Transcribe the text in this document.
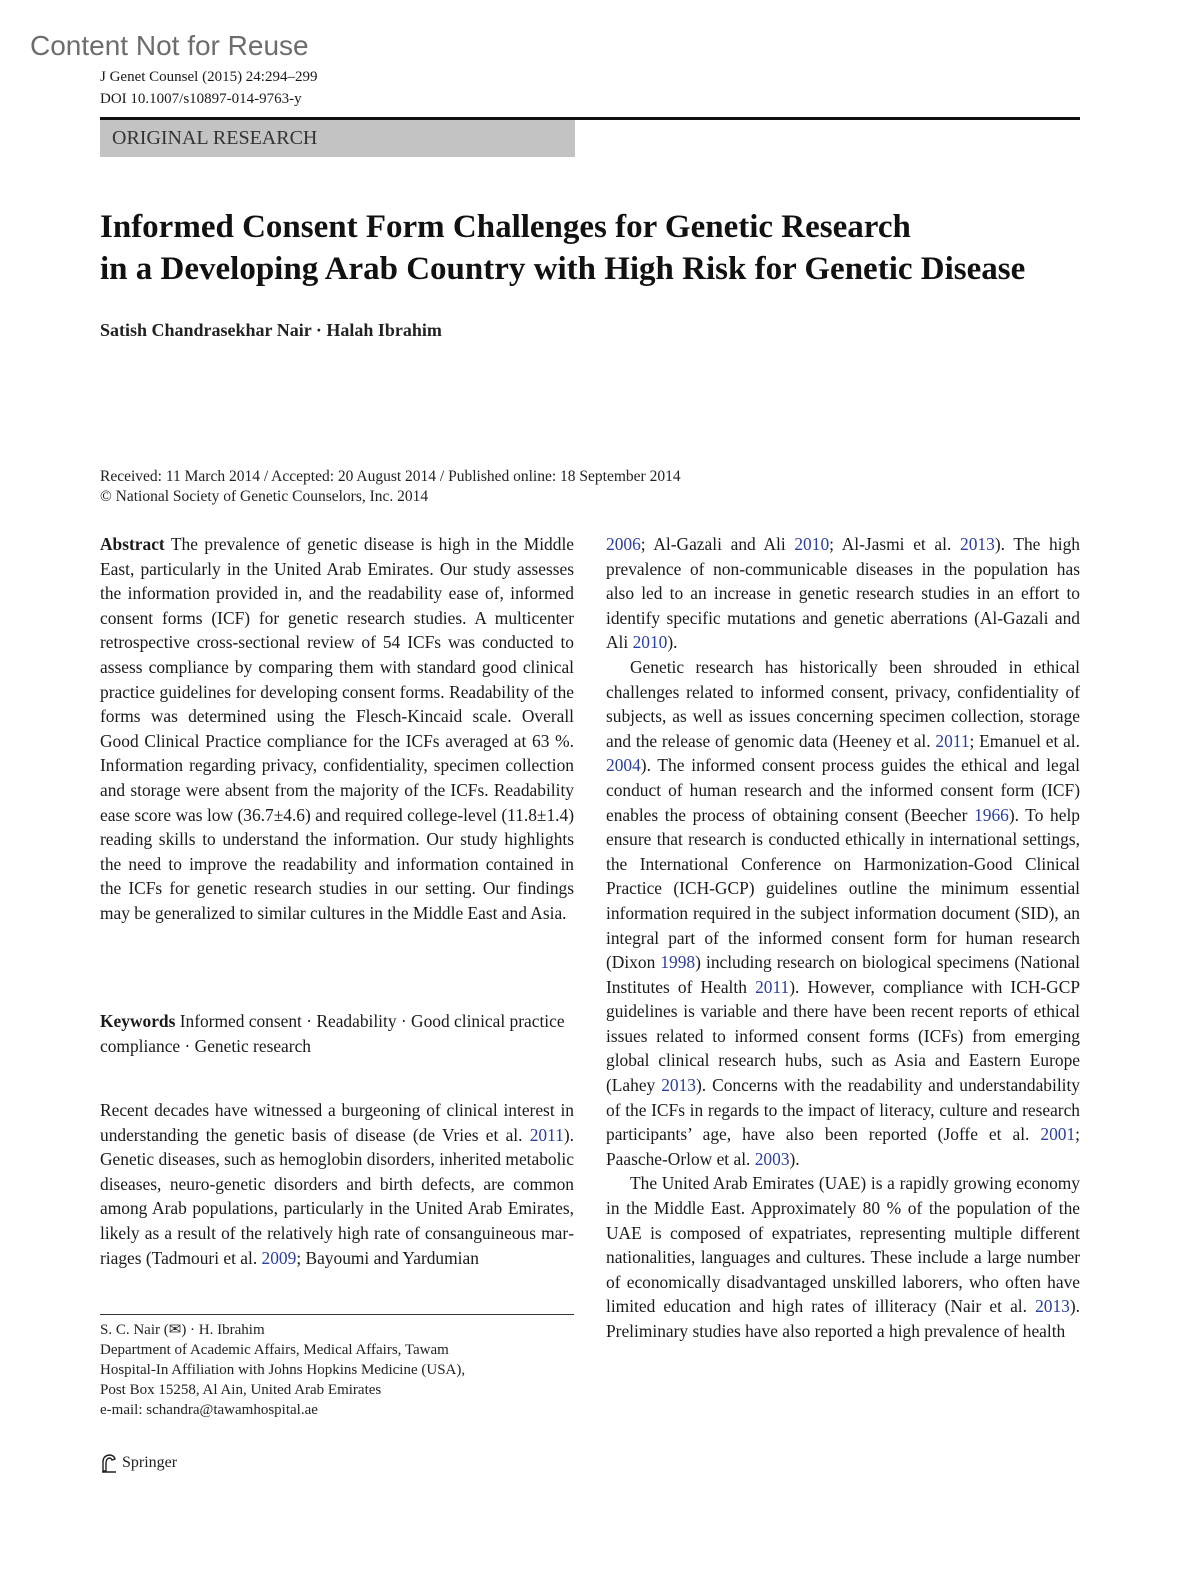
Content Not for Reuse
J Genet Counsel (2015) 24:294–299
DOI 10.1007/s10897-014-9763-y
ORIGINAL RESEARCH
Informed Consent Form Challenges for Genetic Research
in a Developing Arab Country with High Risk for Genetic Disease
Satish Chandrasekhar Nair · Halah Ibrahim
Received: 11 March 2014 / Accepted: 20 August 2014 / Published online: 18 September 2014
© National Society of Genetic Counselors, Inc. 2014

Abstract The prevalence of genetic disease is high in the Middle East, particularly in the United Arab Emirates. Our study assesses the information provided in, and the readability ease of, informed consent forms (ICF) for genetic research studies. A multicenter retrospective cross-sectional review of 54 ICFs was conducted to assess compliance by comparing them with standard good clinical practice guidelines for developing consent forms. Readability of the forms was determined using the Flesch-Kincaid scale. Overall Good Clinical Practice compliance for the ICFs averaged at 63 %. Information regarding privacy, confidentiality, specimen collection and storage were absent from the majority of the ICFs. Readability ease score was low (36.7±4.6) and required college-level (11.8±1.4) reading skills to understand the information. Our study highlights the need to improve the readability and information contained in the ICFs for genetic research studies in our setting. Our findings may be generalized to similar cultures in the Middle East and Asia.

Keywords Informed consent · Readability · Good clinical practice compliance · Genetic research

Recent decades have witnessed a burgeoning of clinical interest in understanding the genetic basis of disease (de Vries et al. 2011). Genetic diseases, such as hemoglobin disorders, inherited metabolic diseases, neuro-genetic disorders and birth defects, are common among Arab populations, particularly in the United Arab Emirates, likely as a result of the relatively high rate of consanguineous marriages (Tadmouri et al. 2009; Bayoumi and Yardumian

S. C. Nair (✉) · H. Ibrahim
Department of Academic Affairs, Medical Affairs, Tawam
Hospital-In Affiliation with Johns Hopkins Medicine (USA),
Post Box 15258, Al Ain, United Arab Emirates
e-mail: schandra@tawamhospital.ae
Springer

2006; Al-Gazali and Ali 2010; Al-Jasmi et al. 2013). The high prevalence of non-communicable diseases in the population has also led to an increase in genetic research studies in an effort to identify specific mutations and genetic aberrations (Al-Gazali and Ali 2010).

Genetic research has historically been shrouded in ethical challenges related to informed consent, privacy, confidentiality of subjects, as well as issues concerning specimen collection, storage and the release of genomic data (Heeney et al. 2011; Emanuel et al. 2004). The informed consent process guides the ethical and legal conduct of human research and the informed consent form (ICF) enables the process of obtaining consent (Beecher 1966). To help ensure that research is conducted ethically in international settings, the International Conference on Harmonization-Good Clinical Practice (ICH-GCP) guidelines outline the minimum essential information required in the subject information document (SID), an integral part of the informed consent form for human research (Dixon 1998) including research on biological specimens (National Institutes of Health 2011). However, compliance with ICH-GCP guidelines is variable and there have been recent reports of ethical issues related to informed consent forms (ICFs) from emerging global clinical research hubs, such as Asia and Eastern Europe (Lahey 2013). Concerns with the readability and understandability of the ICFs in regards to the impact of literacy, culture and research participants’ age, have also been reported (Joffe et al. 2001; Paasche-Orlow et al. 2003).

The United Arab Emirates (UAE) is a rapidly growing economy in the Middle East. Approximately 80 % of the population of the UAE is composed of expatriates, representing multiple different nationalities, languages and cultures. These include a large number of economically disadvantaged unskilled laborers, who often have limited education and high rates of illiteracy (Nair et al. 2013). Preliminary studies have also reported a high prevalence of health
